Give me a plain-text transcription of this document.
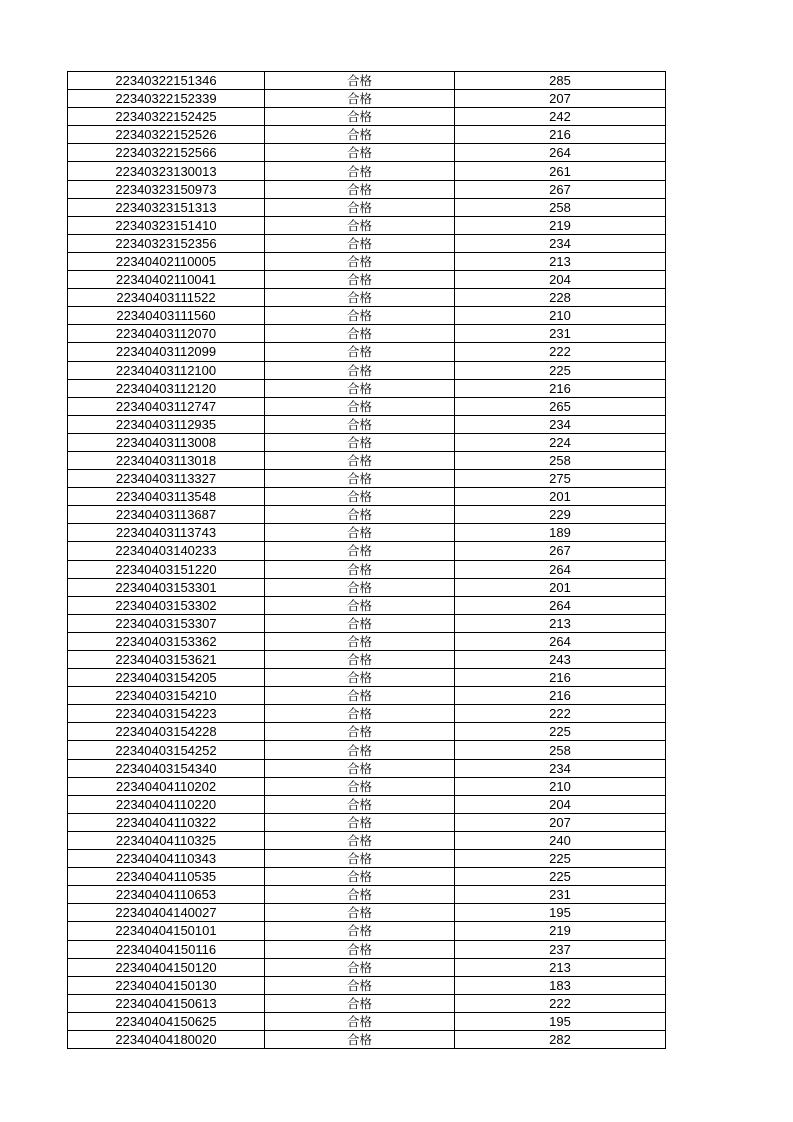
22340322151346	合格	285
22340322152339	合格	207
22340322152425	合格	242
22340322152526	合格	216
22340322152566	合格	264
22340323130013	合格	261
22340323150973	合格	267
22340323151313	合格	258
22340323151410	合格	219
22340323152356	合格	234
22340402110005	合格	213
22340402110041	合格	204
22340403111522	合格	228
22340403111560	合格	210
22340403112070	合格	231
22340403112099	合格	222
22340403112100	合格	225
22340403112120	合格	216
22340403112747	合格	265
22340403112935	合格	234
22340403113008	合格	224
22340403113018	合格	258
22340403113327	合格	275
22340403113548	合格	201
22340403113687	合格	229
22340403113743	合格	189
22340403140233	合格	267
22340403151220	合格	264
22340403153301	合格	201
22340403153302	合格	264
22340403153307	合格	213
22340403153362	合格	264
22340403153621	合格	243
22340403154205	合格	216
22340403154210	合格	216
22340403154223	合格	222
22340403154228	合格	225
22340403154252	合格	258
22340403154340	合格	234
22340404110202	合格	210
22340404110220	合格	204
22340404110322	合格	207
22340404110325	合格	240
22340404110343	合格	225
22340404110535	合格	225
22340404110653	合格	231
22340404140027	合格	195
22340404150101	合格	219
22340404150116	合格	237
22340404150120	合格	213
22340404150130	合格	183
22340404150613	合格	222
22340404150625	合格	195
22340404180020	合格	282
